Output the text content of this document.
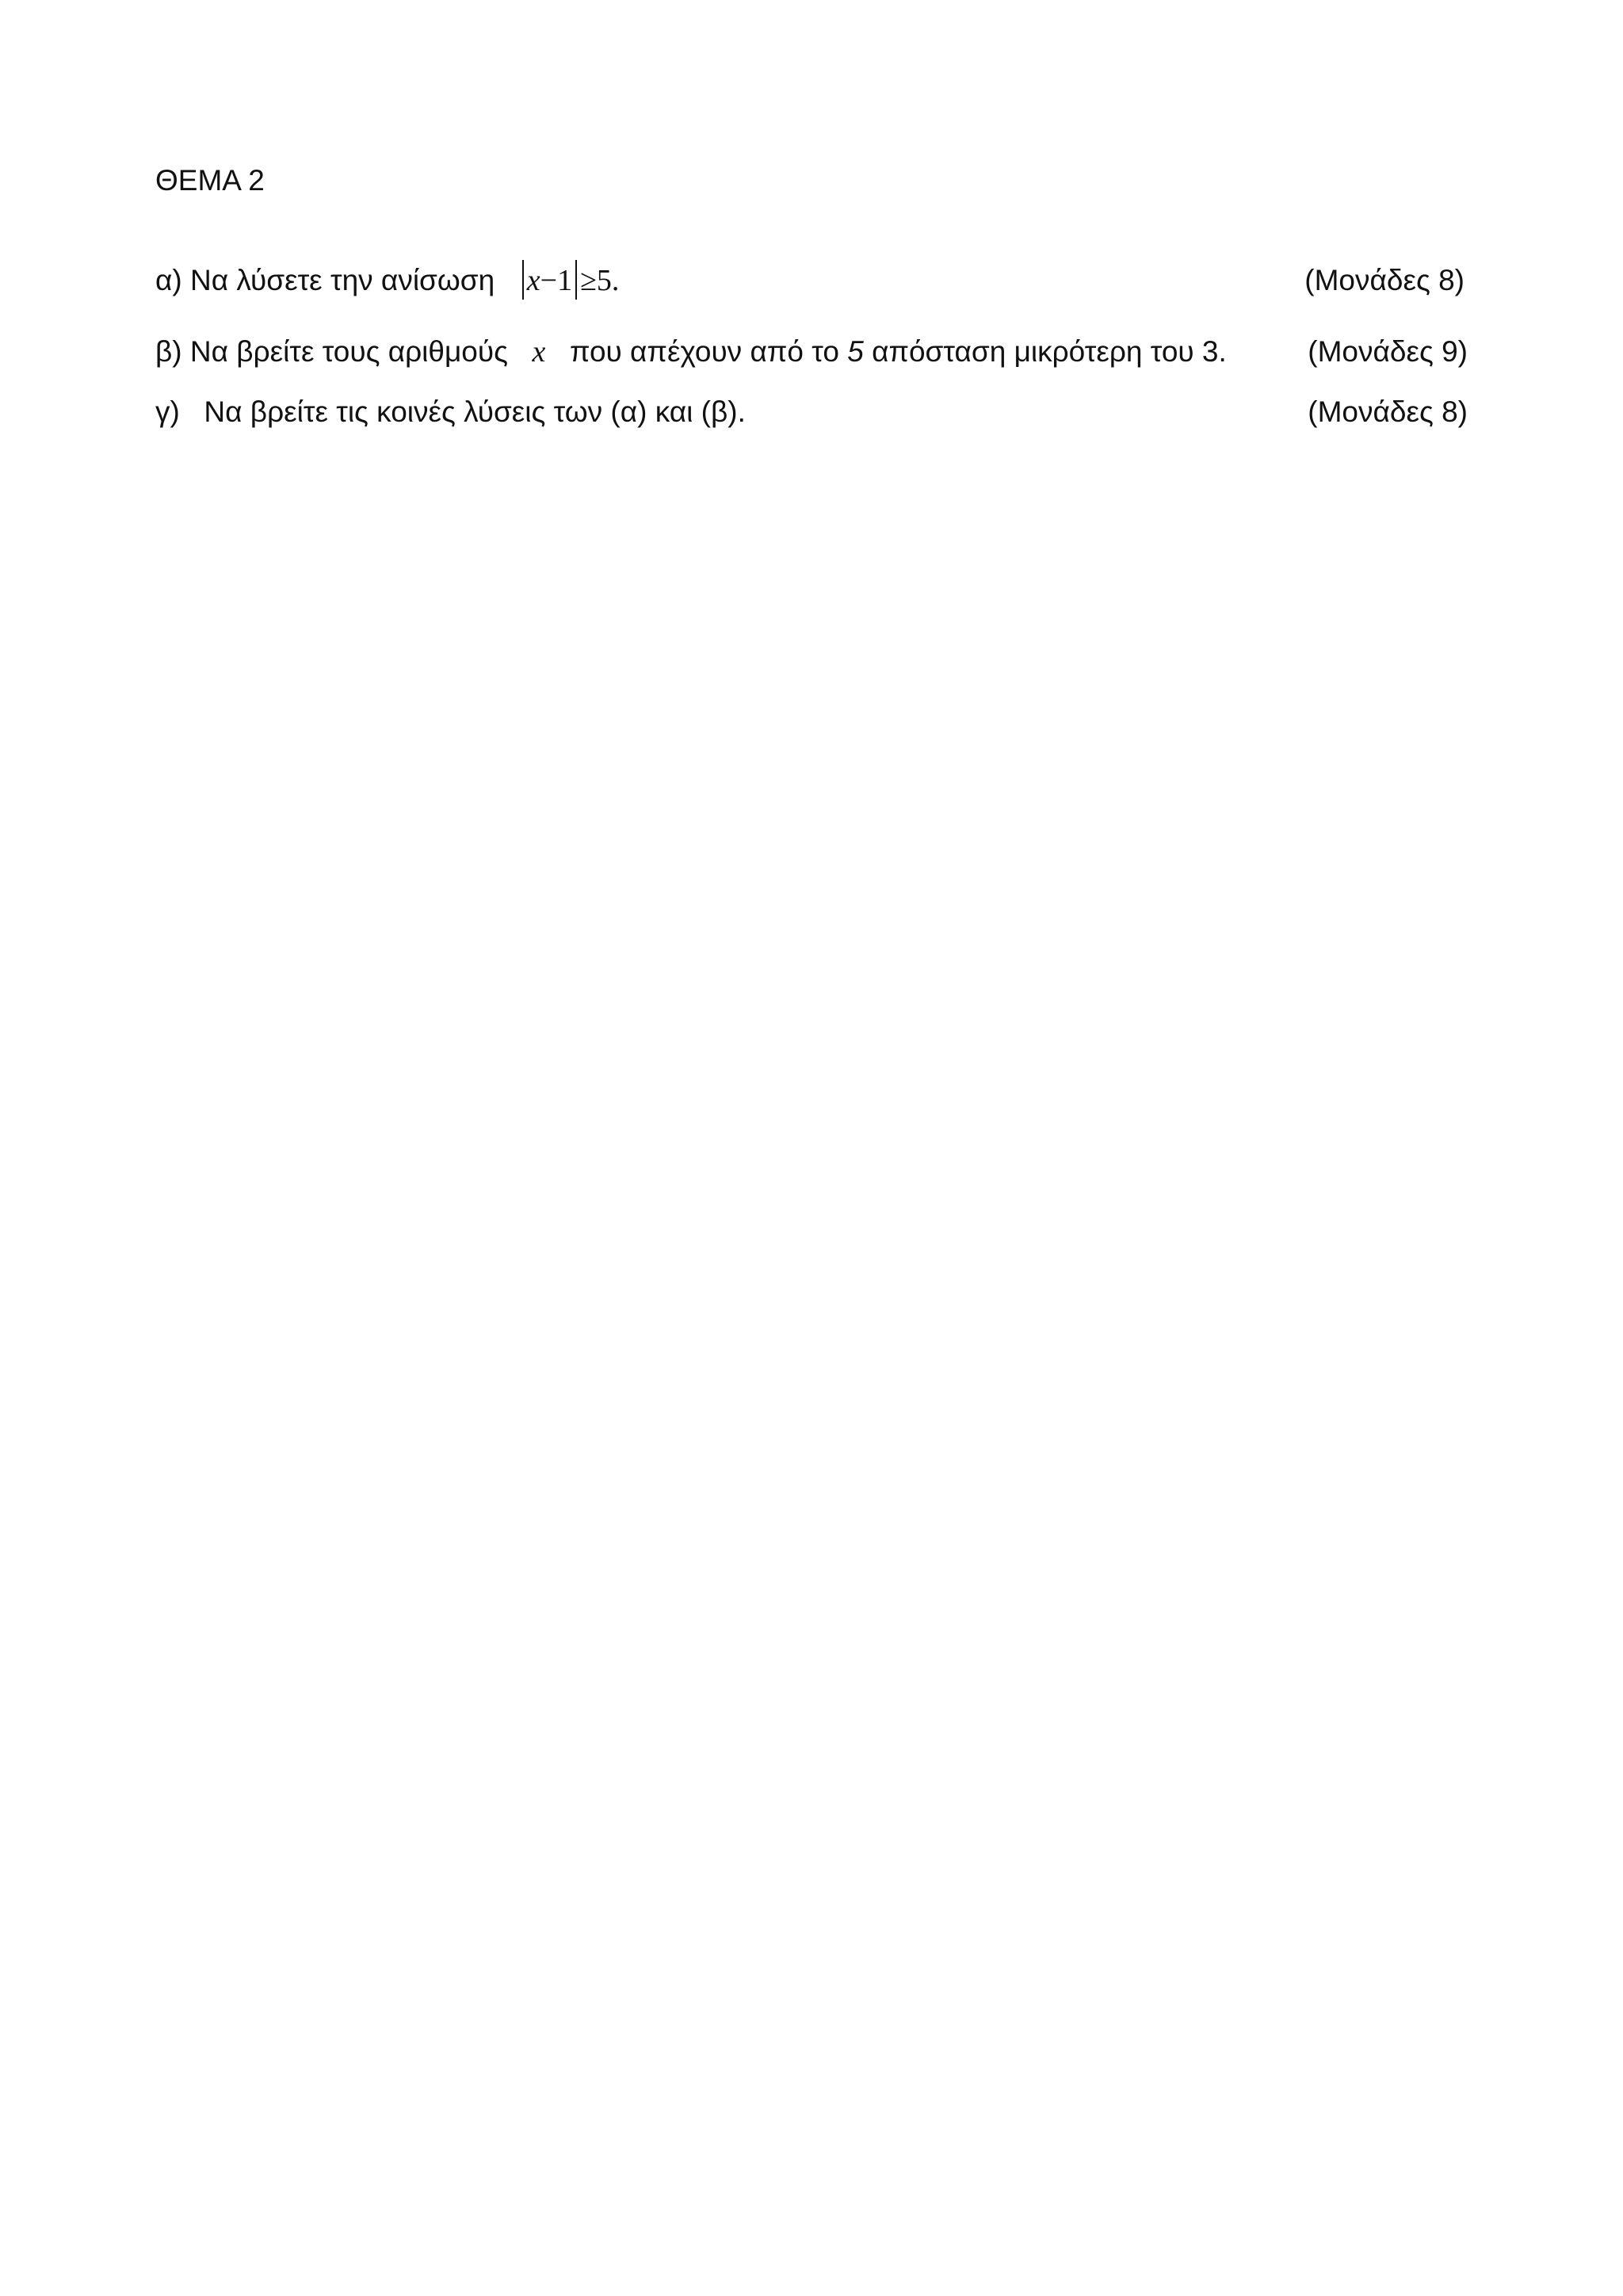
ΘΕΜΑ 2
α) Να λύσετε την ανίσωση x−1 ≥5.	(Μονάδες 8)
β) Να βρείτε τους αριθμούς x που απέχουν από το 5 απόσταση μικρότερη του 3.	(Μονάδες 9)
γ) Να βρείτε τις κοινές λύσεις των (α) και (β).	(Μονάδες 8)
